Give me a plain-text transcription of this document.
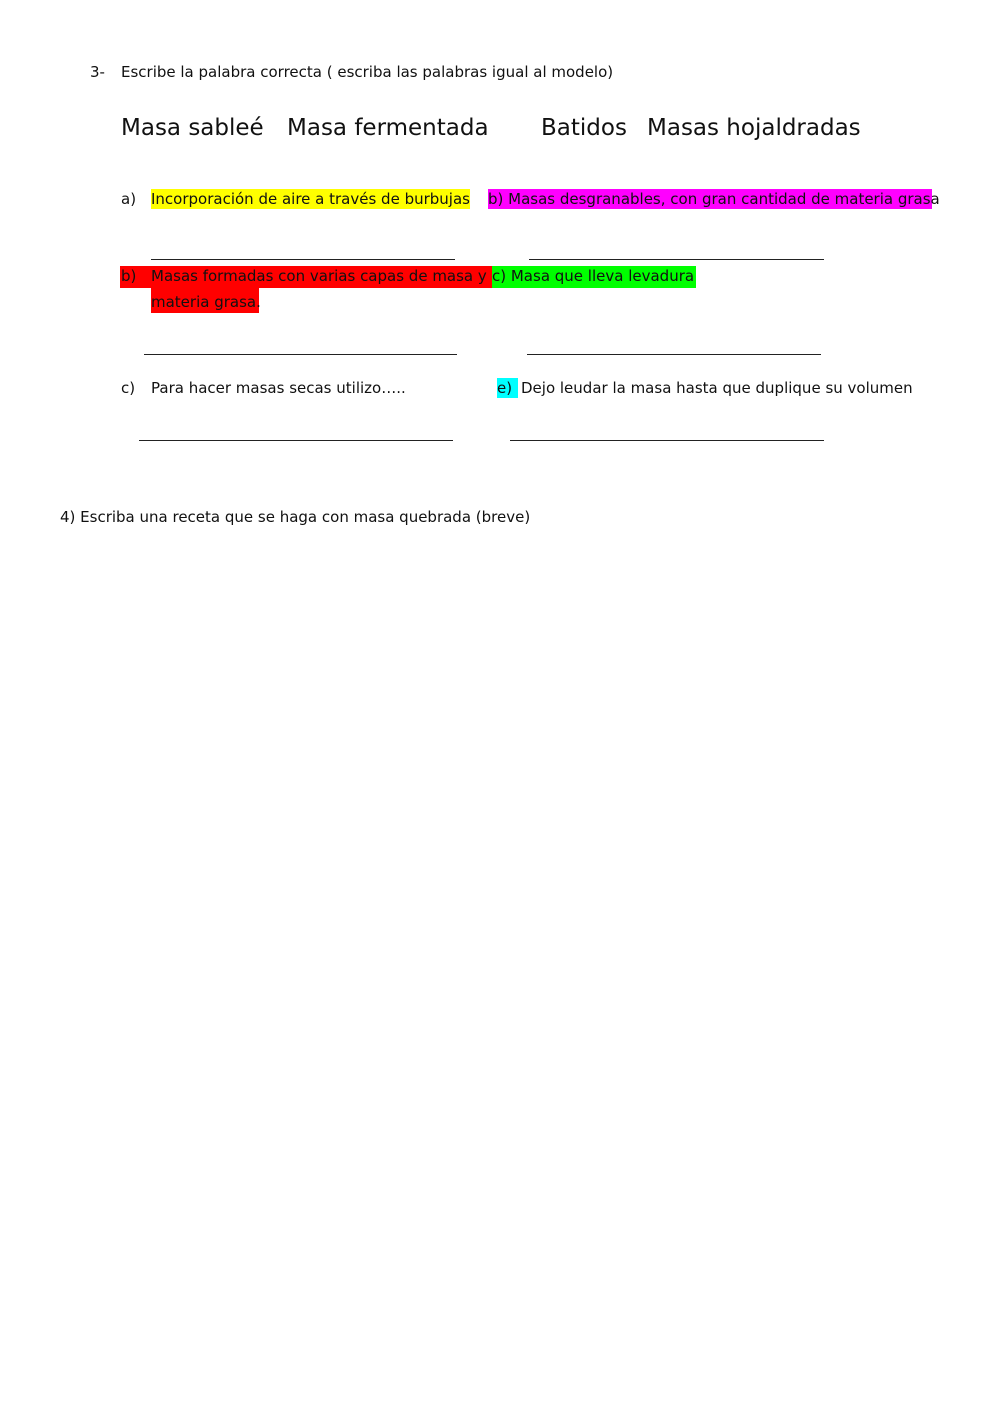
3- Escribe la palabra correcta ( escriba las palabras igual al modelo)
Masa sableé Masa fermentada Batidos Masas hojaldradas
a) Incorporación de aire a través de burbujas b) Masas desgranables, con gran cantidad de materia grasa
b) Masas formadas con varias capas de masa y
materia grasa.
c) Masa que lleva levadura
c) Para hacer masas secas utilizo…..	e) Dejo leudar la masa hasta que duplique su volumen
4) Escriba una receta que se haga con masa quebrada (breve)
